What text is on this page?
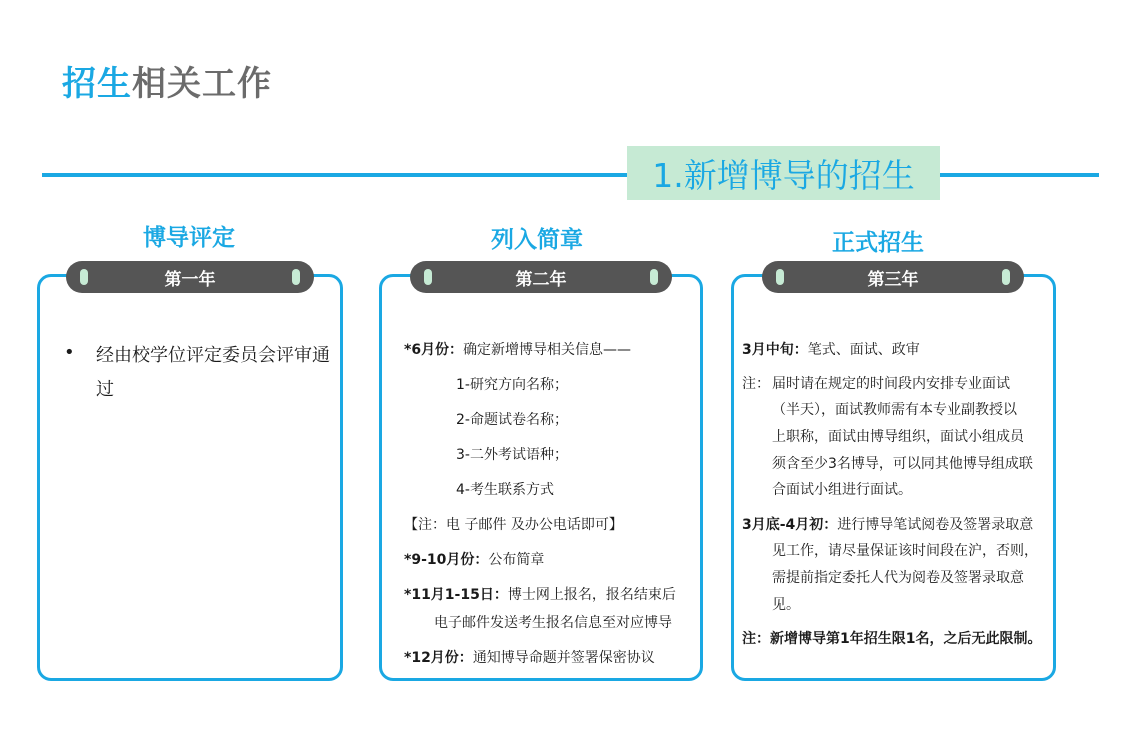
招生相关工作
1.新增博导的招生
博导评定	列入简章	正式招生
第一年	第二年	第三年
• 经由校学位评定委员会评审通过
*6月份：确定新增博导相关信息——
1-研究方向名称；
2-命题试卷名称；
3-二外考试语种；
4-考生联系方式
【注：电 子邮件 及办公电话即可】
*9-10月份：公布简章
*11月1-15日：博士网上报名，报名结束后
电子邮件发送考生报名信息至对应博导
*12月份：通知博导命题并签署保密协议
3月中旬：笔式、面试、政审
注： 届时请在规定的时间段内安排专业面试
（半天），面试教师需有本专业副教授以
上职称，面试由博导组织，面试小组成员
须含至少3名博导，可以同其他博导组成联
合面试小组进行面试。
3月底-4月初：进行博导笔试阅卷及签署录取意
见工作，请尽量保证该时间段在沪，否则，
需提前指定委托人代为阅卷及签署录取意
见。
注：新增博导第1年招生限1名，之后无此限制。
